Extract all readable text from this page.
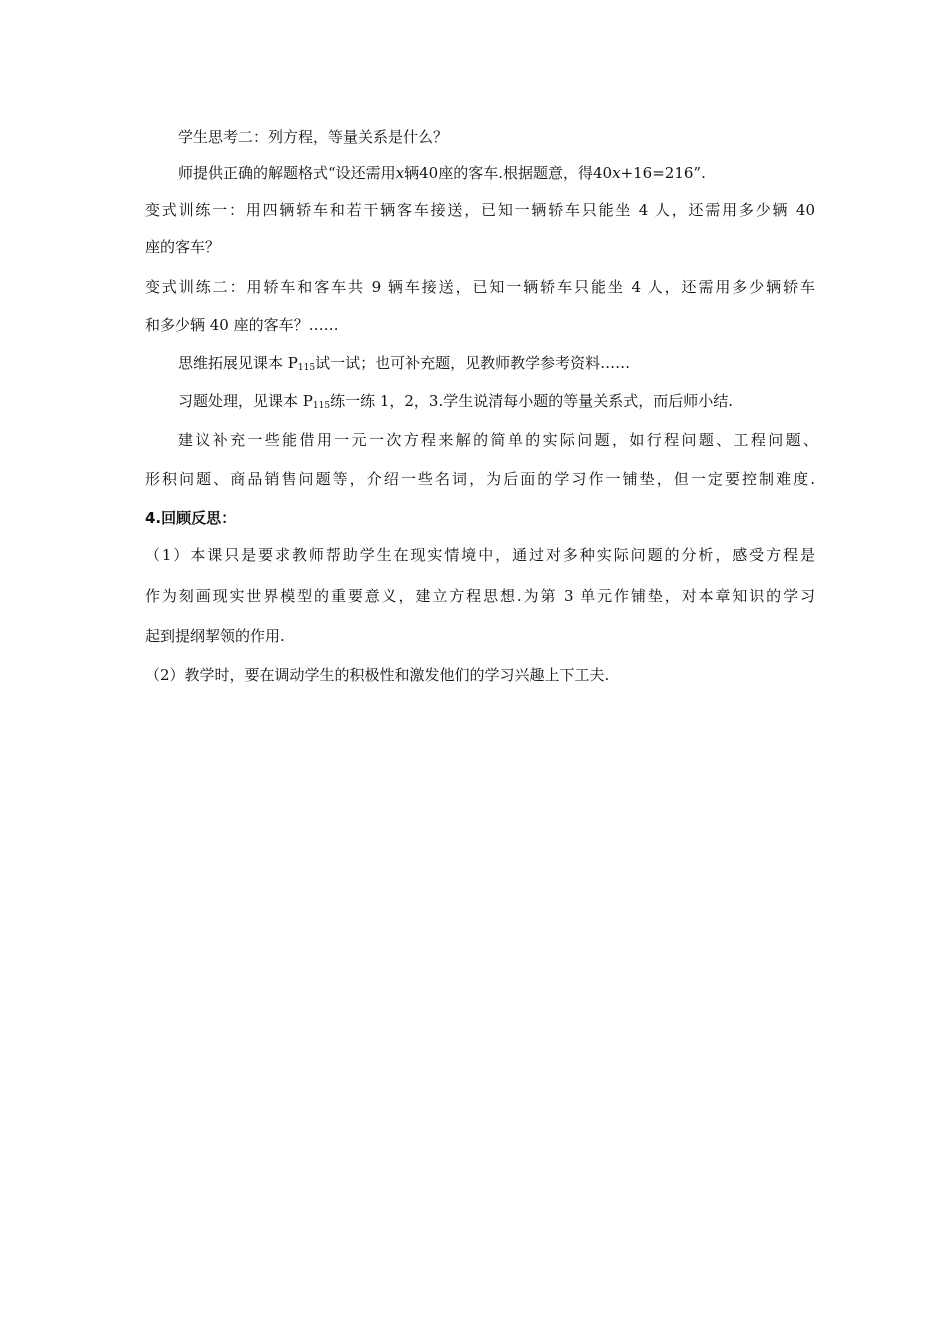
学生思考二：列方程，等量关系是什么？
师提供正确的解题格式“设还需用x辆40座的客车.根据题意，得40x+16=216”.
变式训练一：用四辆轿车和若干辆客车接送，已知一辆轿车只能坐 4 人，还需用多少辆 40
座的客车？
变式训练二：用轿车和客车共 9 辆车接送，已知一辆轿车只能坐 4 人，还需用多少辆轿车
和多少辆 40 座的客车？……
思维拓展见课本 $P_{115}$试一试；也可补充题，见教师教学参考资料……
习题处理，见课本 $P_{115}$练一练 1，2，3.学生说清每小题的等量关系式，而后师小结.
建议补充一些能借用一元一次方程来解的简单的实际问题，如行程问题、工程问题、
形积问题、商品销售问题等，介绍一些名词，为后面的学习作一铺垫，但一定要控制难度.
4.回顾反思：
（1）本课只是要求教师帮助学生在现实情境中，通过对多种实际问题的分析，感受方程是
作为刻画现实世界模型的重要意义，建立方程思想.为第 3 单元作铺垫，对本章知识的学习
起到提纲挈领的作用.
（2）教学时，要在调动学生的积极性和激发他们的学习兴趣上下工夫.
